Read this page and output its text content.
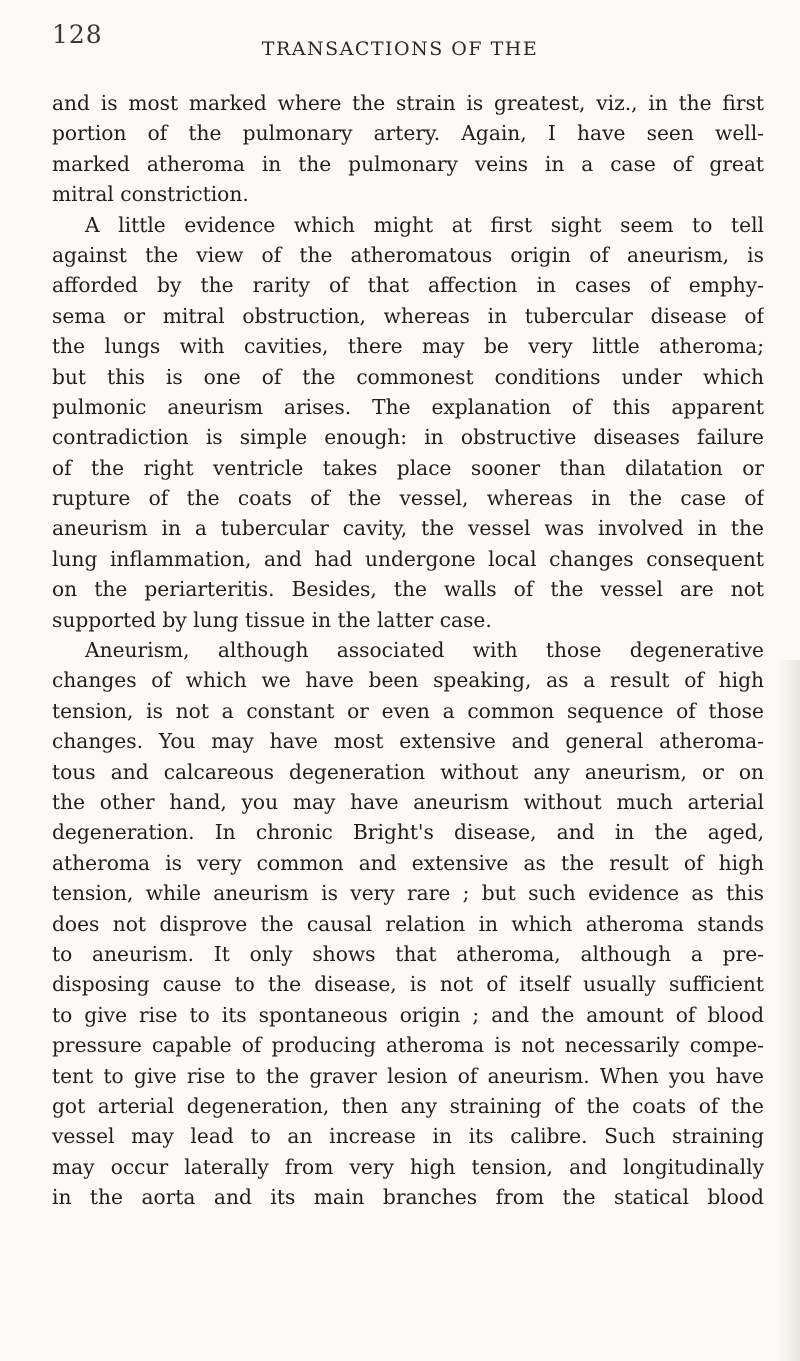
128	TRANSACTIONS OF THE
and is most marked where the strain is greatest, viz., in the first
portion of the pulmonary artery. Again, I have seen well-
marked atheroma in the pulmonary veins in a case of great
mitral constriction.
A little evidence which might at first sight seem to tell
against the view of the atheromatous origin of aneurism, is
afforded by the rarity of that affection in cases of emphy-
sema or mitral obstruction, whereas in tubercular disease of
the lungs with cavities, there may be very little atheroma;
but this is one of the commonest conditions under which
pulmonic aneurism arises. The explanation of this apparent
contradiction is simple enough: in obstructive diseases failure
of the right ventricle takes place sooner than dilatation or
rupture of the coats of the vessel, whereas in the case of
aneurism in a tubercular cavity, the vessel was involved in the
lung inflammation, and had undergone local changes consequent
on the periarteritis. Besides, the walls of the vessel are not
supported by lung tissue in the latter case.
Aneurism, although associated with those degenerative
changes of which we have been speaking, as a result of high
tension, is not a constant or even a common sequence of those
changes. You may have most extensive and general atheroma-
tous and calcareous degeneration without any aneurism, or on
the other hand, you may have aneurism without much arterial
degeneration. In chronic Bright's disease, and in the aged,
atheroma is very common and extensive as the result of high
tension, while aneurism is very rare ; but such evidence as this
does not disprove the causal relation in which atheroma stands
to aneurism. It only shows that atheroma, although a pre-
disposing cause to the disease, is not of itself usually sufficient
to give rise to its spontaneous origin ; and the amount of blood
pressure capable of producing atheroma is not necessarily compe-
tent to give rise to the graver lesion of aneurism. When you have
got arterial degeneration, then any straining of the coats of the
vessel may lead to an increase in its calibre. Such straining
may occur laterally from very high tension, and longitudinally
in the aorta and its main branches from the statical blood
